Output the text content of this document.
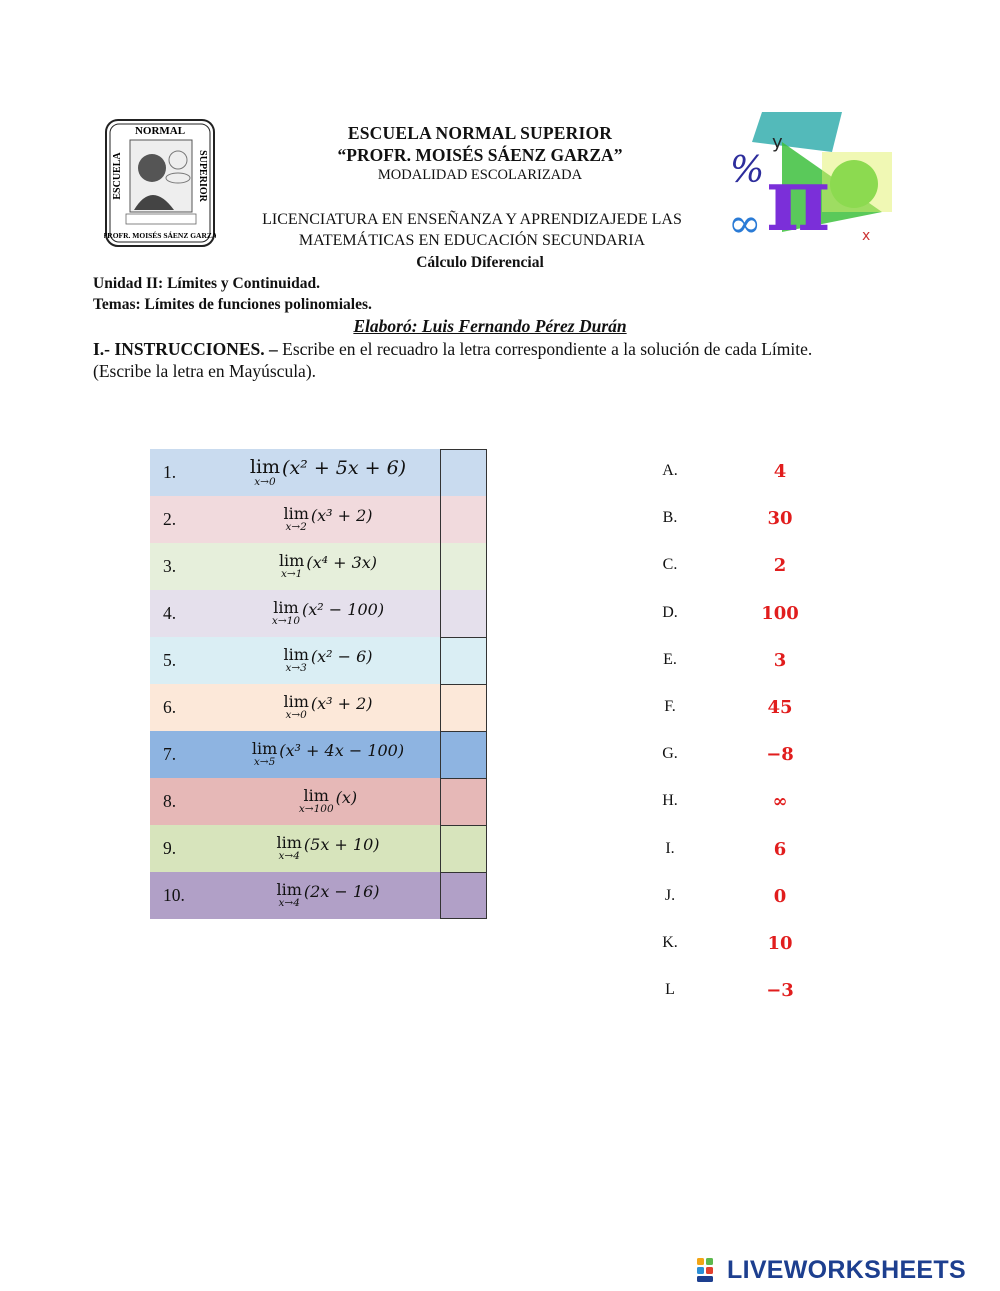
NORMAL
ESCUELA	SUPERIOR
PROFR. MOISÉS SÁENZ GARZA
% π
∞
y
x
ESCUELA NORMAL SUPERIOR
“PROFR. MOISÉS SÁENZ GARZA”
MODALIDAD ESCOLARIZADA
LICENCIATURA EN ENSEÑANZA Y APRENDIZAJEDE LAS
MATEMÁTICAS EN EDUCACIÓN SECUNDARIA
Cálculo Diferencial
Unidad II: Límites y Continuidad.
Temas: Límites de funciones polinomiales.
Elaboró: Luis Fernando Pérez Durán
I.- INSTRUCCIONES. – Escribe en el recuadro la letra correspondiente a la solución de cada Límite. (Escribe la letra en Mayúscula).
1.	lim
x→0
(x² + 5x + 6)
2.	lim
x→2
(x³ + 2)
3.	lim
x→1
(x⁴ + 3x)
4.	lim
x→10
(x² − 100)
5.	lim
x→3
(x² − 6)
6.	lim
x→0
(x³ + 2)
7.	lim
x→5
(x³ + 4x − 100)
8.	lim
x→100
(x)
9.	lim
x→4
(5x + 10)
10.	lim
x→4
(2x − 16)
A.	4
B.	30
C.	2
D.	100
E.	3
F.	45
G.	−8
H.	∞
I.	6
J.	0
K.	10
L	−3
LIVEWORKSHEETS
